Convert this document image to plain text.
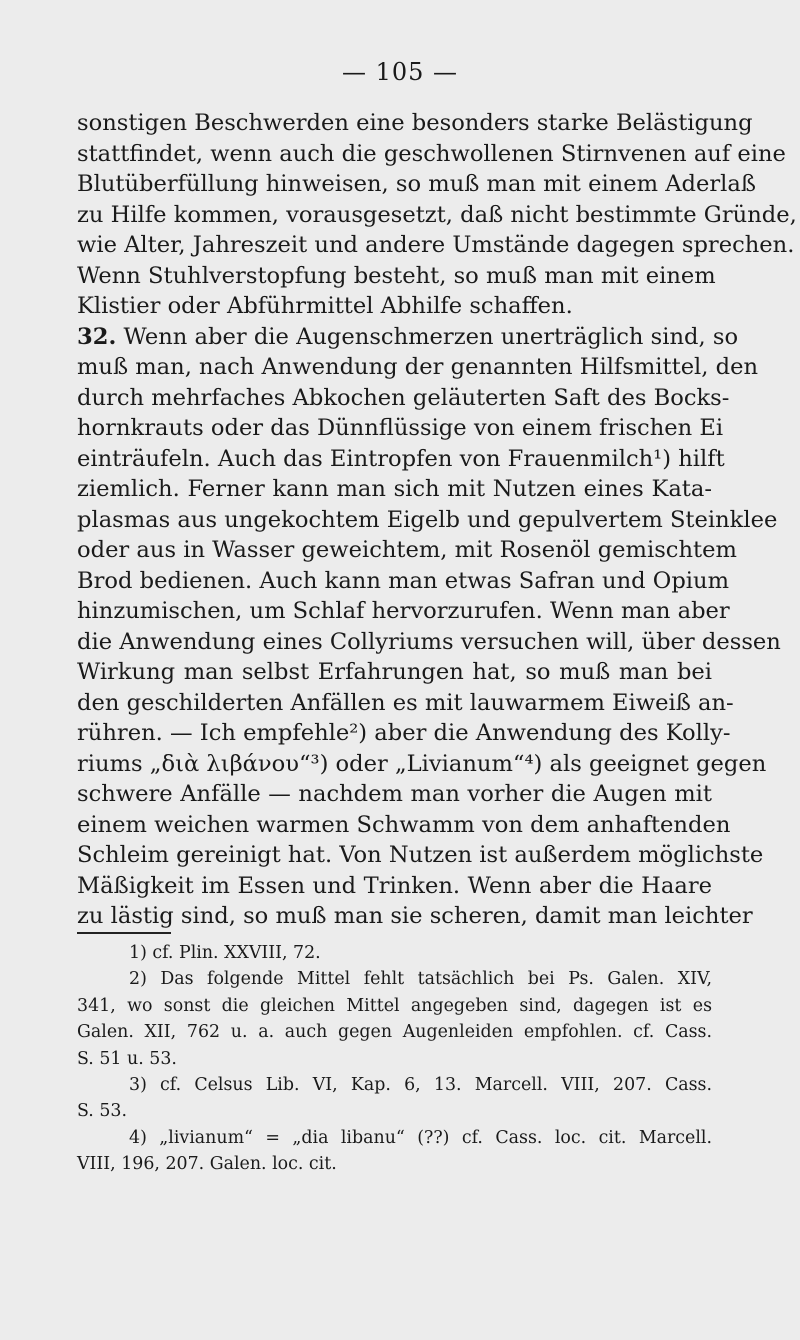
— 105 —
sonstigen Beschwerden eine besonders starke Belästigung
stattfindet, wenn auch die geschwollenen Stirnvenen auf eine
Blutüberfüllung hinweisen, so muß man mit einem Aderlaß
zu Hilfe kommen, vorausgesetzt, daß nicht bestimmte Gründe,
wie Alter, Jahreszeit und andere Umstände dagegen sprechen.
Wenn Stuhlverstopfung besteht, so muß man mit einem
Klistier oder Abführmittel Abhilfe schaffen.
32. Wenn aber die Augenschmerzen unerträglich sind, so
muß man, nach Anwendung der genannten Hilfsmittel, den
durch mehrfaches Abkochen geläuterten Saft des Bocks-
hornkrauts oder das Dünnflüssige von einem frischen Ei
einträufeln. Auch das Eintropfen von Frauenmilch¹) hilft
ziemlich. Ferner kann man sich mit Nutzen eines Kata-
plasmas aus ungekochtem Eigelb und gepulvertem Steinklee
oder aus in Wasser geweichtem, mit Rosenöl gemischtem
Brod bedienen. Auch kann man etwas Safran und Opium
hinzumischen, um Schlaf hervorzurufen. Wenn man aber
die Anwendung eines Collyriums versuchen will, über dessen
Wirkung man selbst Erfahrungen hat, so muß man bei
den geschilderten Anfällen es mit lauwarmem Eiweiß an-
rühren. — Ich empfehle²) aber die Anwendung des Kolly-
riums „διὰ λιβάνου“³) oder „Livianum“⁴) als geeignet gegen
schwere Anfälle — nachdem man vorher die Augen mit
einem weichen warmen Schwamm von dem anhaftenden
Schleim gereinigt hat. Von Nutzen ist außerdem möglichste
Mäßigkeit im Essen und Trinken. Wenn aber die Haare
zu lästig sind, so muß man sie scheren, damit man leichter
1) cf. Plin. XXVIII, 72.
2) Das folgende Mittel fehlt tatsächlich bei Ps. Galen. XIV,
341, wo sonst die gleichen Mittel angegeben sind, dagegen ist es
Galen. XII, 762 u. a. auch gegen Augenleiden empfohlen. cf. Cass.
S. 51 u. 53.
3) cf. Celsus Lib. VI, Kap. 6, 13. Marcell. VIII, 207. Cass.
S. 53.
4) „livianum“ = „dia libanu“ (??) cf. Cass. loc. cit. Marcell.
VIII, 196, 207. Galen. loc. cit.
